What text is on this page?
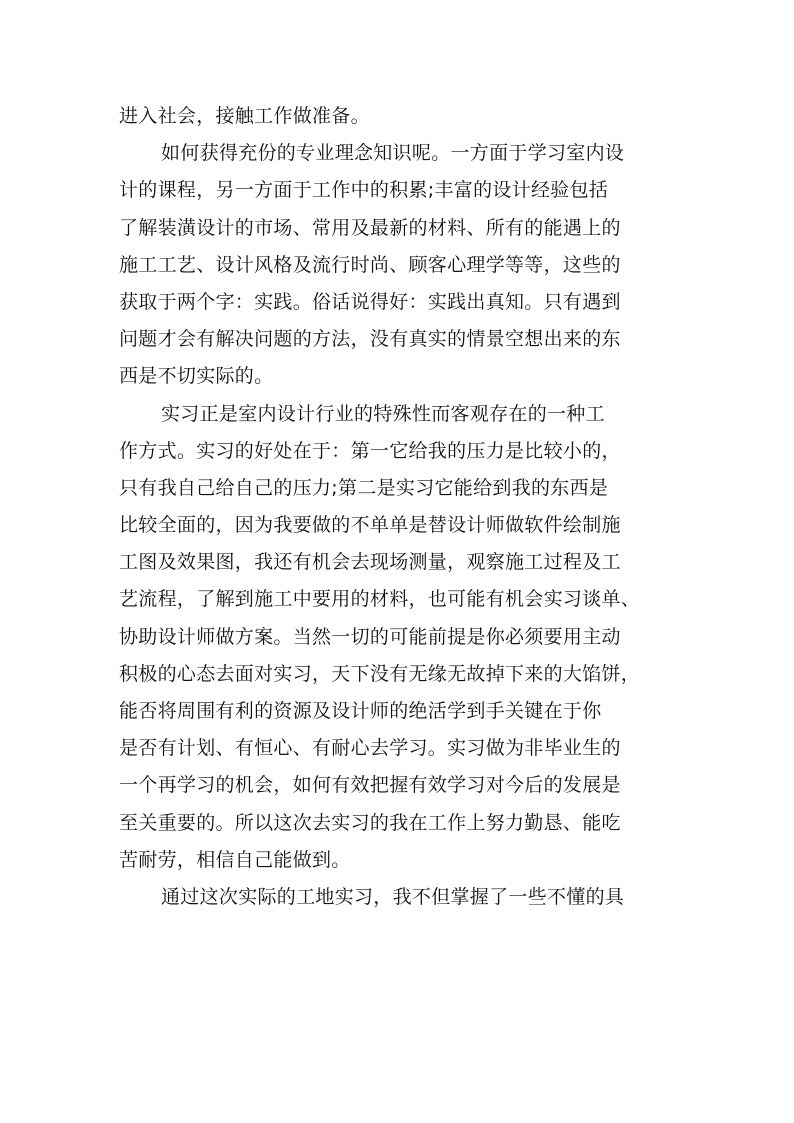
进入社会，接触工作做准备。
如何获得充份的专业理念知识呢。一方面于学习室内设
计的课程，另一方面于工作中的积累;丰富的设计经验包括
了解装潢设计的市场、常用及最新的材料、所有的能遇上的
施工工艺、设计风格及流行时尚、顾客心理学等等，这些的
获取于两个字：实践。俗话说得好：实践出真知。只有遇到
问题才会有解决问题的方法，没有真实的情景空想出来的东
西是不切实际的。
实习正是室内设计行业的特殊性而客观存在的一种工
作方式。实习的好处在于：第一它给我的压力是比较小的，
只有我自己给自己的压力;第二是实习它能给到我的东西是
比较全面的，因为我要做的不单单是替设计师做软件绘制施
工图及效果图，我还有机会去现场测量，观察施工过程及工
艺流程，了解到施工中要用的材料，也可能有机会实习谈单、
协助设计师做方案。当然一切的可能前提是你必须要用主动
积极的心态去面对实习，天下没有无缘无故掉下来的大馅饼，
能否将周围有利的资源及设计师的绝活学到手关键在于你
是否有计划、有恒心、有耐心去学习。实习做为非毕业生的
一个再学习的机会，如何有效把握有效学习对今后的发展是
至关重要的。所以这次去实习的我在工作上努力勤恳、能吃
苦耐劳，相信自己能做到。
通过这次实际的工地实习，我不但掌握了一些不懂的具
